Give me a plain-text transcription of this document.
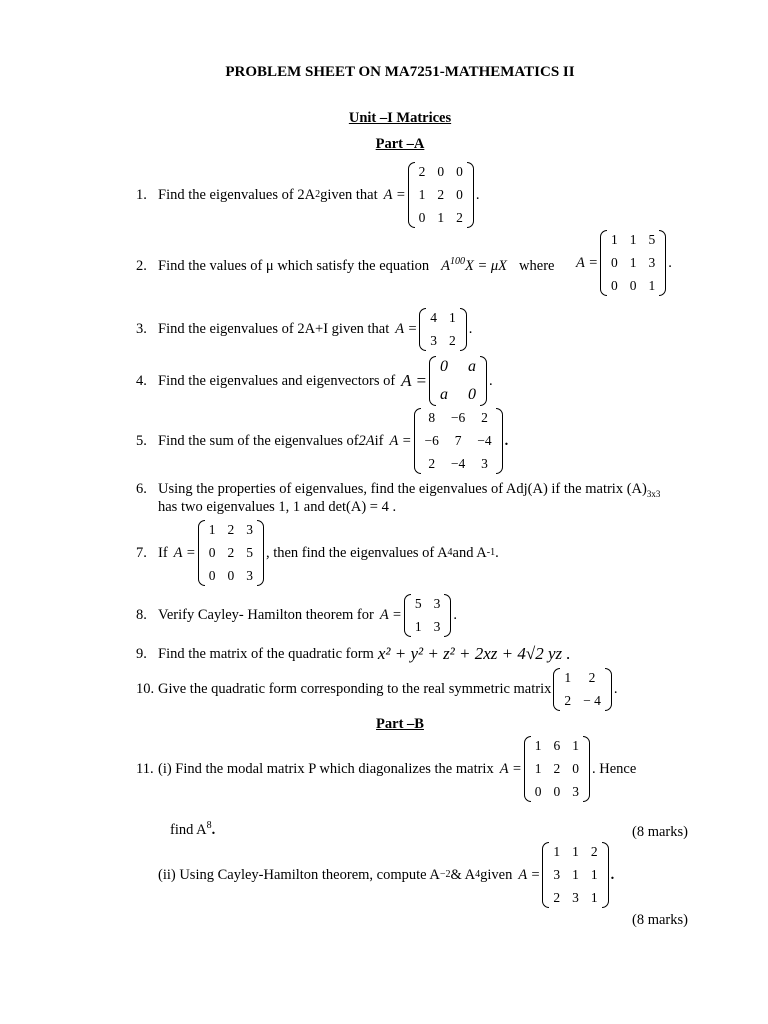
PROBLEM SHEET ON MA7251-MATHEMATICS II
Unit –I Matrices
Part –A
1. Find the eigenvalues of 2A 2 given that A =
2 0 0
1 2 0
0 1 2
.
2. Find the values of μ which satisfy the equation $A^{100}X = \mu X$ where A =
1 1 5
0 1 3
0 0 1
.
3. Find the eigenvalues of 2A+I given that A =
4 1
3 2
.
4. Find the eigenvalues and eigenvectors of A =
0 a
a 0
.
5. Find the sum of the eigenvalues of 2A if A =
8 −6 2
−6 7 −4
2 −4 3
.
6. Using the properties of eigenvalues, find the eigenvalues of Adj(A) if the matrix $(A)_{3x3}$
has two eigenvalues 1, 1 and det(A) = 4 .
7. If A =
1 2 3
0 2 5
0 0 3
, then find the eigenvalues of A 4 and A -1 .
8. Verify Cayley- Hamilton theorem for A =
5 3
1 3
.
9. Find the matrix of the quadratic form x² + y² + z² + 2xz + 4√2 yz .
10. Give the quadratic form corresponding to the real symmetric matrix
1 2
2 − 4
.
Part –B
11. (i) Find the modal matrix P which diagonalizes the matrix A =
1 6 1
1 2 0
0 0 3
. Hence
find $A^8$.	(8 marks)
(ii) Using Cayley-Hamilton theorem, compute A −2 & A 4 given A =
1 1 2
3 1 1
2 3 1
.
(8 marks)
